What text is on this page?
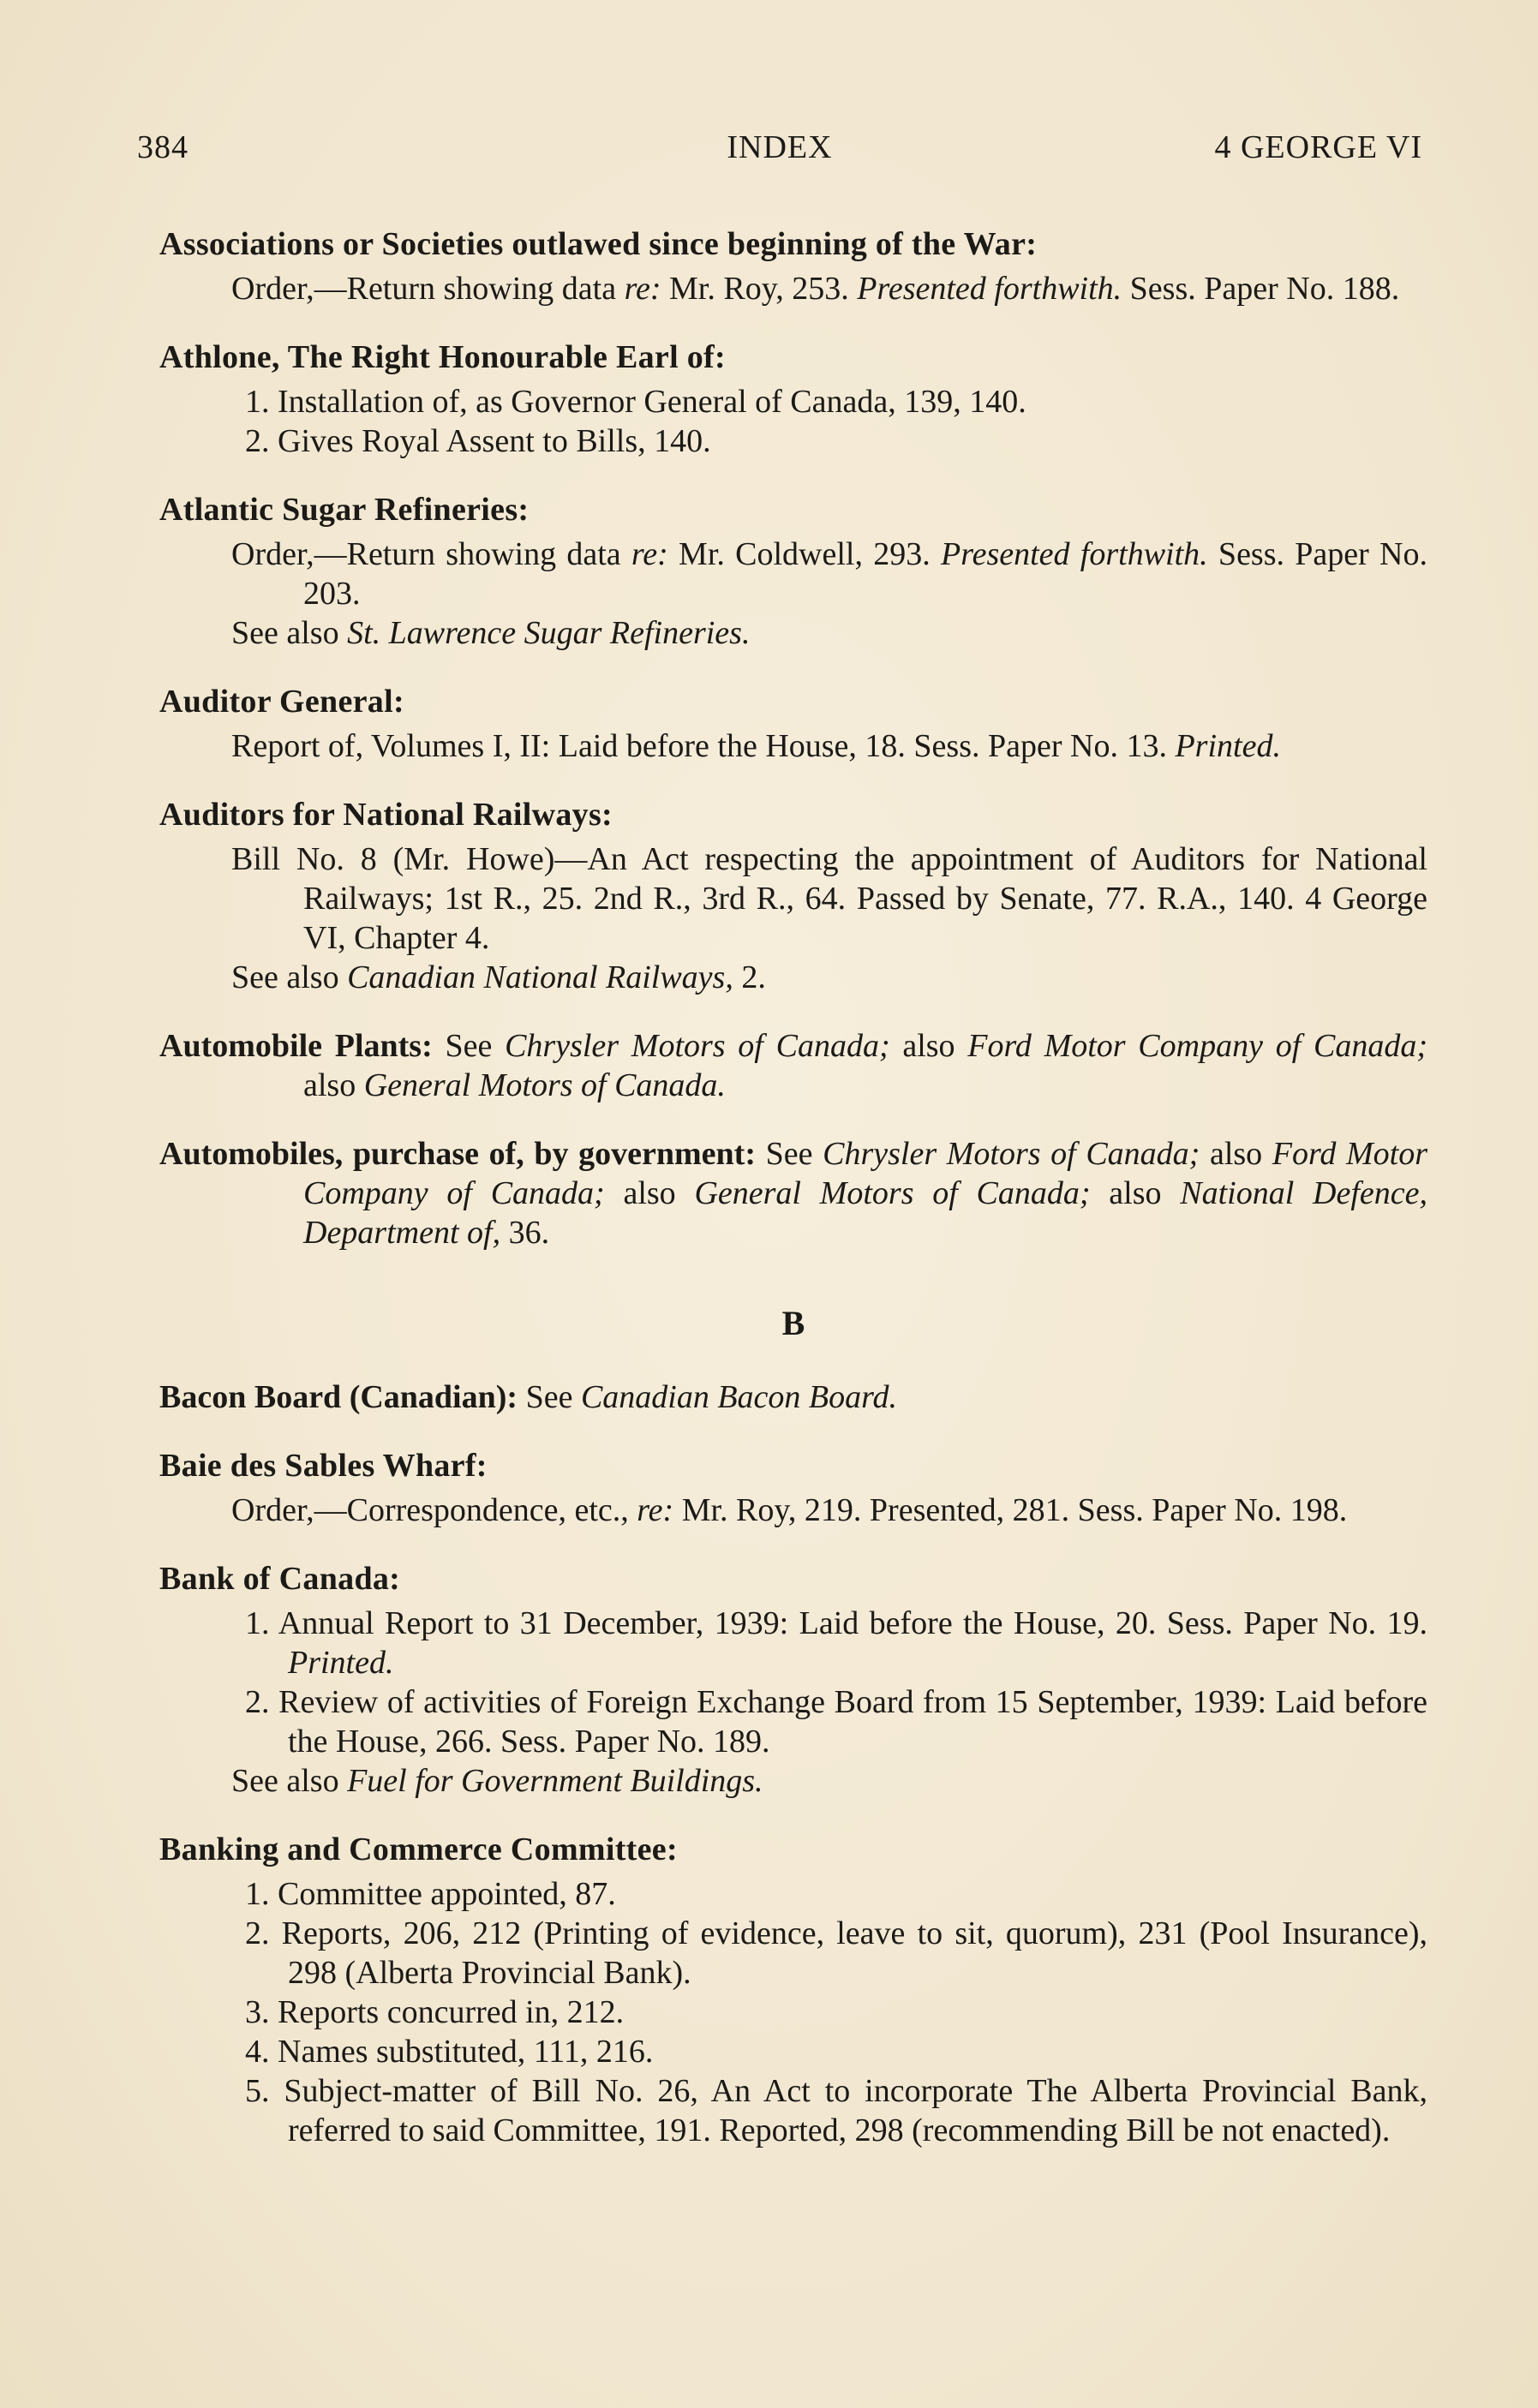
384	INDEX	4 GEORGE VI
Associations or Societies outlawed since beginning of the War:
Order,—Return showing data re: Mr. Roy, 253. Presented forthwith. Sess. Paper No. 188.
Athlone, The Right Honourable Earl of:
1. Installation of, as Governor General of Canada, 139, 140.
2. Gives Royal Assent to Bills, 140.
Atlantic Sugar Refineries:
Order,—Return showing data re: Mr. Coldwell, 293. Presented forthwith. Sess. Paper No. 203.
See also St. Lawrence Sugar Refineries.
Auditor General:
Report of, Volumes I, II: Laid before the House, 18. Sess. Paper No. 13. Printed.
Auditors for National Railways:
Bill No. 8 (Mr. Howe)—An Act respecting the appointment of Auditors for National Railways; 1st R., 25. 2nd R., 3rd R., 64. Passed by Senate, 77. R.A., 140. 4 George VI, Chapter 4.
See also Canadian National Railways, 2.
Automobile Plants: See Chrysler Motors of Canada; also Ford Motor Company of Canada; also General Motors of Canada.
Automobiles, purchase of, by government: See Chrysler Motors of Canada; also Ford Motor Company of Canada; also General Motors of Canada; also National Defence, Department of, 36.
B
Bacon Board (Canadian): See Canadian Bacon Board.
Baie des Sables Wharf:
Order,—Correspondence, etc., re: Mr. Roy, 219. Presented, 281. Sess. Paper No. 198.
Bank of Canada:
1. Annual Report to 31 December, 1939: Laid before the House, 20. Sess. Paper No. 19. Printed.
2. Review of activities of Foreign Exchange Board from 15 September, 1939: Laid before the House, 266. Sess. Paper No. 189.
See also Fuel for Government Buildings.
Banking and Commerce Committee:
1. Committee appointed, 87.
2. Reports, 206, 212 (Printing of evidence, leave to sit, quorum), 231 (Pool Insurance), 298 (Alberta Provincial Bank).
3. Reports concurred in, 212.
4. Names substituted, 111, 216.
5. Subject-matter of Bill No. 26, An Act to incorporate The Alberta Provincial Bank, referred to said Committee, 191. Reported, 298 (recommending Bill be not enacted).
